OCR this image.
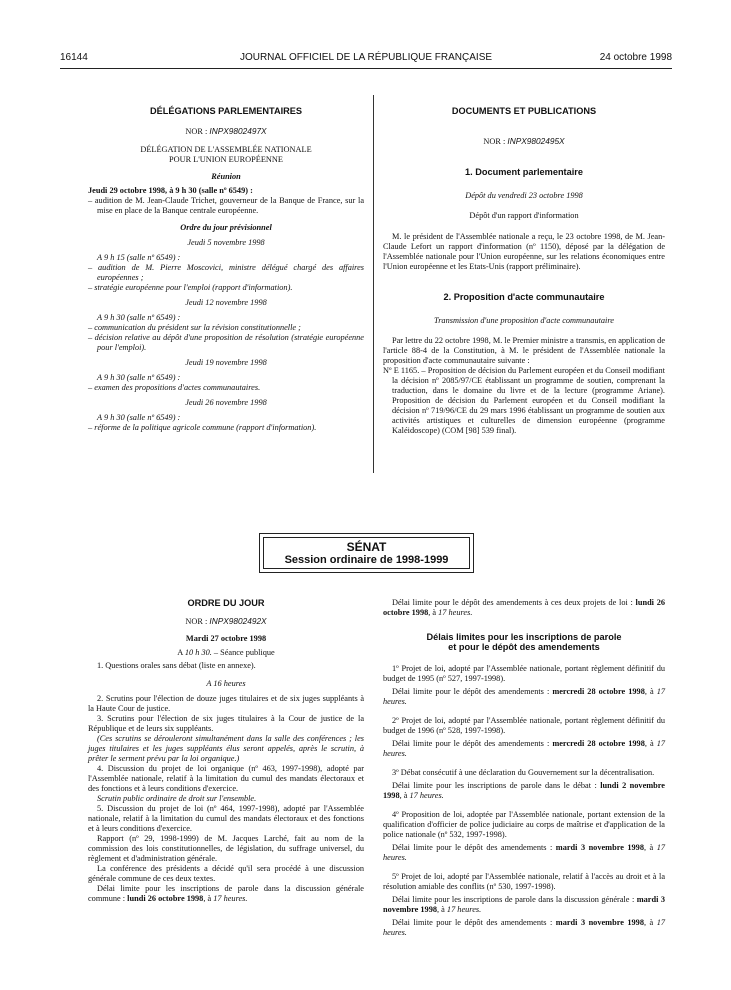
16144	JOURNAL OFFICIEL DE LA RÉPUBLIQUE FRANÇAISE	24 octobre 1998

DÉLÉGATIONS PARLEMENTAIRES

NOR : INPX9802497X

DÉLÉGATION DE L'ASSEMBLÉE NATIONALE

POUR L'UNION EUROPÉENNE

Réunion

Jeudi 29 octobre 1998, à 9 h 30 (salle nº 6549) :

– audition de M. Jean-Claude Trichet, gouverneur de la Banque de France, sur la mise en place de la Banque centrale européenne.

Ordre du jour prévisionnel

Jeudi 5 novembre 1998

A 9 h 15 (salle nº 6549) :

– audition de M. Pierre Moscovici, ministre délégué chargé des affaires européennes ;

– stratégie européenne pour l'emploi (rapport d'information).

Jeudi 12 novembre 1998

A 9 h 30 (salle nº 6549) :

– communication du président sur la révision constitutionnelle ;

– décision relative au dépôt d'une proposition de résolution (stratégie européenne pour l'emploi).

Jeudi 19 novembre 1998

A 9 h 30 (salle nº 6549) :

– examen des propositions d'actes communautaires.

Jeudi 26 novembre 1998

A 9 h 30 (salle nº 6549) :

– réforme de la politique agricole commune (rapport d'information).

DOCUMENTS ET PUBLICATIONS

NOR : INPX9802495X

1. Document parlementaire

Dépôt du vendredi 23 octobre 1998

Dépôt d'un rapport d'information

M. le président de l'Assemblée nationale a reçu, le 23 octobre 1998, de M. Jean-Claude Lefort un rapport d'information (nº 1150), déposé par la délégation de l'Assemblée nationale pour l'Union européenne, sur les relations économiques entre l'Union européenne et les Etats-Unis (rapport préliminaire).

2. Proposition d'acte communautaire

Transmission d'une proposition d'acte communautaire

Par lettre du 22 octobre 1998, M. le Premier ministre a transmis, en application de l'article 88-4 de la Constitution, à M. le président de l'Assemblée nationale la proposition d'acte communautaire suivante :

Nº E 1165. – Proposition de décision du Parlement européen et du Conseil modifiant la décision nº 2085/97/CE établissant un programme de soutien, comprenant la traduction, dans le domaine du livre et de la lecture (programme Ariane). Proposition de décision du Parlement européen et du Conseil modifiant la décision nº 719/96/CE du 29 mars 1996 établissant un programme de soutien aux activités artistiques et culturelles de dimension européenne (programme Kaléidoscope) (COM [98] 539 final).

SÉNAT
Session ordinaire de 1998-1999

ORDRE DU JOUR

NOR : INPX9802492X

Mardi 27 octobre 1998

A 10 h 30. – Séance publique

1. Questions orales sans débat (liste en annexe).

A 16 heures

2. Scrutins pour l'élection de douze juges titulaires et de six juges suppléants à la Haute Cour de justice.

3. Scrutins pour l'élection de six juges titulaires à la Cour de justice de la République et de leurs six suppléants.

(Ces scrutins se dérouleront simultanément dans la salle des conférences ; les juges titulaires et les juges suppléants élus seront appelés, après le scrutin, à prêter le serment prévu par la loi organique.)

4. Discussion du projet de loi organique (nº 463, 1997-1998), adopté par l'Assemblée nationale, relatif à la limitation du cumul des mandats électoraux et des fonctions et à leurs conditions d'exercice.

Scrutin public ordinaire de droit sur l'ensemble.

5. Discussion du projet de loi (nº 464, 1997-1998), adopté par l'Assemblée nationale, relatif à la limitation du cumul des mandats électoraux et des fonctions et à leurs conditions d'exercice.

Rapport (nº 29, 1998-1999) de M. Jacques Larché, fait au nom de la commission des lois constitutionnelles, de législation, du suffrage universel, du règlement et d'administration générale.

La conférence des présidents a décidé qu'il sera procédé à une discussion générale commune de ces deux textes.

Délai limite pour les inscriptions de parole dans la discussion générale commune : lundi 26 octobre 1998, à 17 heures.

Délai limite pour le dépôt des amendements à ces deux projets de loi : lundi 26 octobre 1998, à 17 heures.

Délais limites pour les inscriptions de parole

et pour le dépôt des amendements

1º Projet de loi, adopté par l'Assemblée nationale, portant règlement définitif du budget de 1995 (nº 527, 1997-1998).

Délai limite pour le dépôt des amendements : mercredi 28 octobre 1998, à 17 heures.

2º Projet de loi, adopté par l'Assemblée nationale, portant règlement définitif du budget de 1996 (nº 528, 1997-1998).

Délai limite pour le dépôt des amendements : mercredi 28 octobre 1998, à 17 heures.

3º Débat consécutif à une déclaration du Gouvernement sur la décentralisation.

Délai limite pour les inscriptions de parole dans le débat : lundi 2 novembre 1998, à 17 heures.

4º Proposition de loi, adoptée par l'Assemblée nationale, portant extension de la qualification d'officier de police judiciaire au corps de maîtrise et d'application de la police nationale (nº 532, 1997-1998).

Délai limite pour le dépôt des amendements : mardi 3 novembre 1998, à 17 heures.

5º Projet de loi, adopté par l'Assemblée nationale, relatif à l'accès au droit et à la résolution amiable des conflits (nº 530, 1997-1998).

Délai limite pour les inscriptions de parole dans la discussion générale : mardi 3 novembre 1998, à 17 heures.

Délai limite pour le dépôt des amendements : mardi 3 novembre 1998, à 17 heures.
